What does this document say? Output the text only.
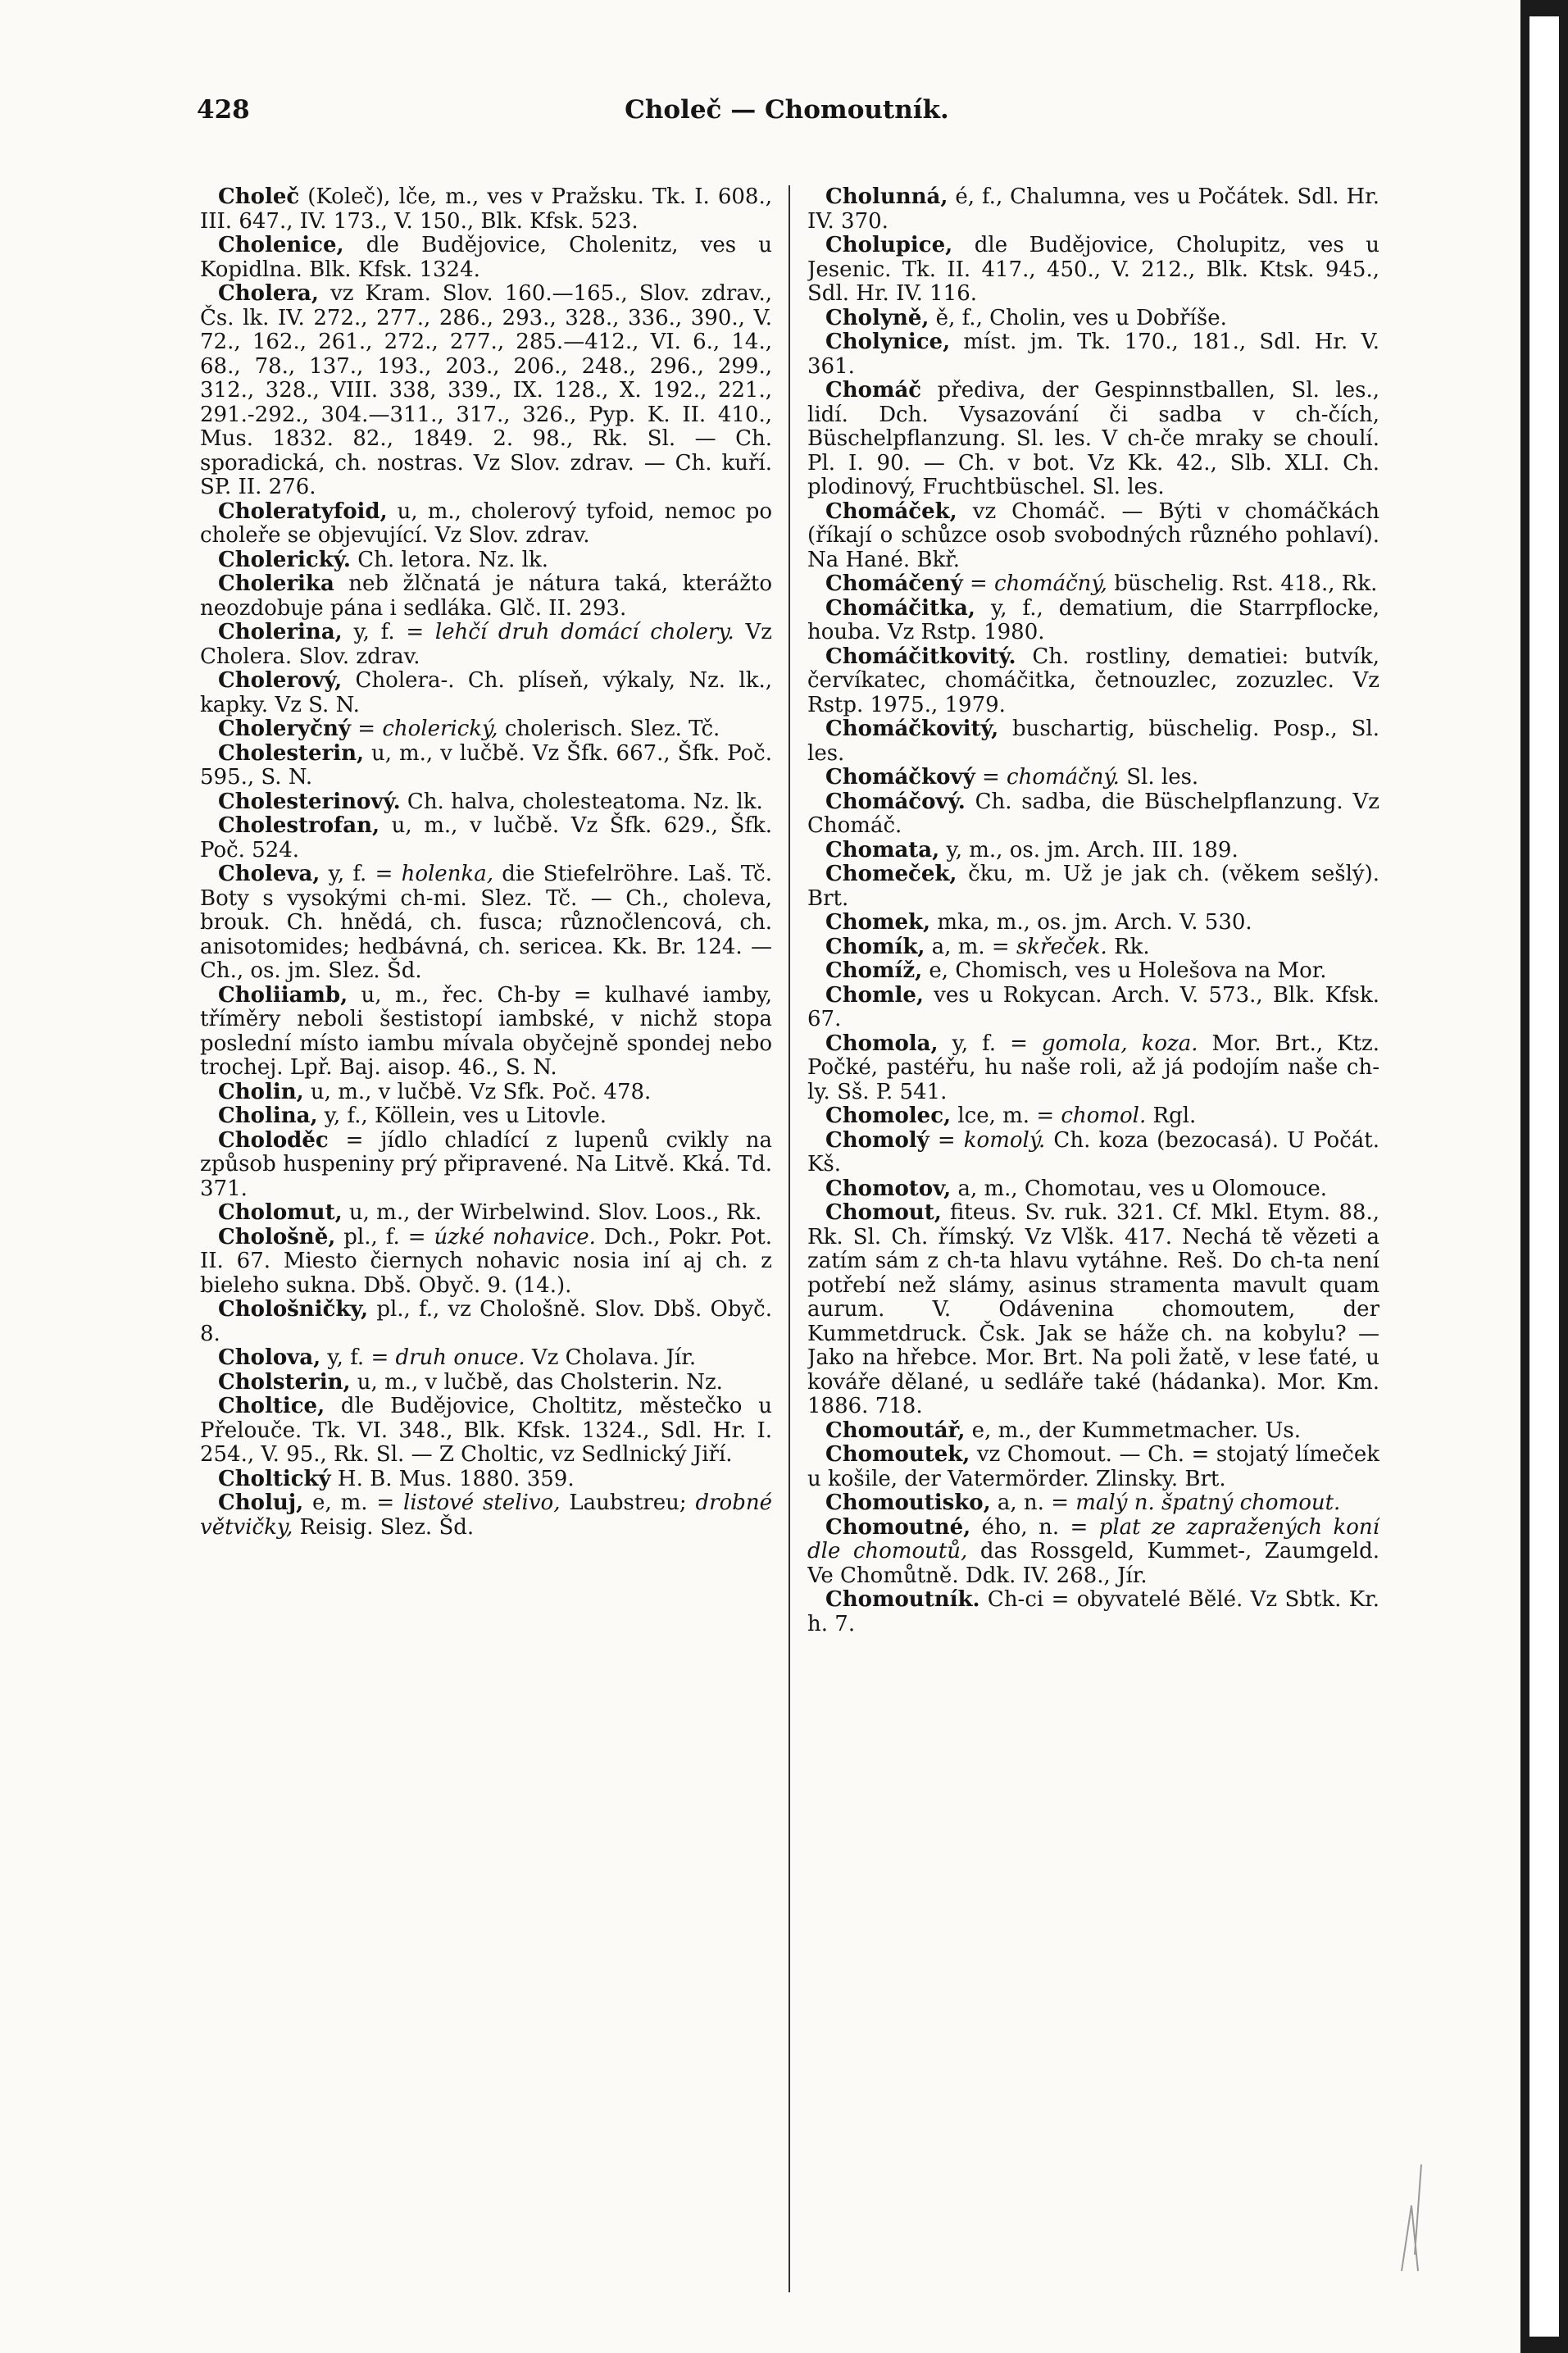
428	Choleč — Chomoutník.

Choleč (Koleč), lče, m., ves v Pražsku. Tk. I. 608., III. 647., IV. 173., V. 150., Blk. Kfsk. 523.

Cholenice, dle Budějovice, Cholenitz, ves u Kopidlna. Blk. Kfsk. 1324.

Cholera, vz Kram. Slov. 160.—165., Slov. zdrav., Čs. lk. IV. 272., 277., 286., 293., 328., 336., 390., V. 72., 162., 261., 272., 277., 285.—412., VI. 6., 14., 68., 78., 137., 193., 203., 206., 248., 296., 299., 312., 328., VIII. 338, 339., IX. 128., X. 192., 221., 291.-292., 304.—311., 317., 326., Pyp. K. II. 410., Mus. 1832. 82., 1849. 2. 98., Rk. Sl. — Ch. sporadická, ch. nostras. Vz Slov. zdrav. — Ch. kuří. SP. II. 276.

Choleratyfoid, u, m., cholerový tyfoid, nemoc po choleře se objevující. Vz Slov. zdrav.

Cholerický. Ch. letora. Nz. lk.

Cholerika neb žlčnatá je nátura taká, kterážto neozdobuje pána i sedláka. Glč. II. 293.

Cholerina, y, f. = lehčí druh domácí cholery. Vz Cholera. Slov. zdrav.

Cholerový, Cholera-. Ch. plíseň, výkaly, Nz. lk., kapky. Vz S. N.

Choleryčný = cholerický, cholerisch. Slez. Tč.

Cholesterin, u, m., v lučbě. Vz Šfk. 667., Šfk. Poč. 595., S. N.

Cholesterinový. Ch. halva, cholesteatoma. Nz. lk.

Cholestrofan, u, m., v lučbě. Vz Šfk. 629., Šfk. Poč. 524.

Choleva, y, f. = holenka, die Stiefelröhre. Laš. Tč. Boty s vysokými ch-mi. Slez. Tč. — Ch., choleva, brouk. Ch. hnědá, ch. fusca; různočlencová, ch. anisotomides; hedbávná, ch. sericea. Kk. Br. 124. — Ch., os. jm. Slez. Šd.

Choliiamb, u, m., řec. Ch-by = kulhavé iamby, tříměry neboli šestistopí iambské, v nichž stopa poslední místo iambu mívala obyčejně spondej nebo trochej. Lpř. Baj. aisop. 46., S. N.

Cholin, u, m., v lučbě. Vz Sfk. Poč. 478.

Cholina, y, f., Köllein, ves u Litovle.

Choloděc = jídlo chladící z lupenů cvikly na způsob huspeniny prý připravené. Na Litvě. Kká. Td. 371.

Cholomut, u, m., der Wirbelwind. Slov. Loos., Rk.

Chološně, pl., f. = úzké nohavice. Dch., Pokr. Pot. II. 67. Miesto čiernych nohavic nosia iní aj ch. z bieleho sukna. Dbš. Obyč. 9. (14.).

Chološničky, pl., f., vz Chološně. Slov. Dbš. Obyč. 8.

Cholova, y, f. = druh onuce. Vz Cholava. Jír.

Cholsterin, u, m., v lučbě, das Cholsterin. Nz.

Choltice, dle Budějovice, Choltitz, městečko u Přelouče. Tk. VI. 348., Blk. Kfsk. 1324., Sdl. Hr. I. 254., V. 95., Rk. Sl. — Z Choltic, vz Sedlnický Jiří.

Choltický H. B. Mus. 1880. 359.

Choluj, e, m. = listové stelivo, Laubstreu; drobné větvičky, Reisig. Slez. Šd.

Cholunná, é, f., Chalumna, ves u Počátek. Sdl. Hr. IV. 370.

Cholupice, dle Budějovice, Cholupitz, ves u Jesenic. Tk. II. 417., 450., V. 212., Blk. Ktsk. 945., Sdl. Hr. IV. 116.

Cholyně, ě, f., Cholin, ves u Dobříše.

Cholynice, míst. jm. Tk. 170., 181., Sdl. Hr. V. 361.

Chomáč předivа, der Gespinnstballen, Sl. les., lidí. Dch. Vysazování či sadba v ch-čích, Büschelpflanzung. Sl. les. V ch-če mraky se choulí. Pl. I. 90. — Ch. v bot. Vz Kk. 42., Slb. XLI. Ch. plodinový, Fruchtbüschel. Sl. les.

Chomáček, vz Chomáč. — Býti v chomáčkách (říkají o schůzce osob svobodných různého pohlaví). Na Hané. Bkř.

Chomáčený = chomáčný, büschelig. Rst. 418., Rk.

Chomáčitka, y, f., dematium, die Starrpflocke, houba. Vz Rstp. 1980.

Chomáčitkovitý. Ch. rostliny, dematiei: butvík, červíkatec, chomáčitka, četnouzlec, zozuzlec. Vz Rstp. 1975., 1979.

Chomáčkovitý, buschartig, büschelig. Posp., Sl. les.

Chomáčkový = chomáčný. Sl. les.

Chomáčový. Ch. sadba, die Büschelpflanzung. Vz Chomáč.

Chomata, y, m., os. jm. Arch. III. 189.

Chomeček, čku, m. Už je jak ch. (věkem sešlý). Brt.

Chomek, mka, m., os. jm. Arch. V. 530.

Chomík, a, m. = skřeček. Rk.

Chomíž, e, Chomisch, ves u Holešova na Mor.

Chomle, ves u Rokycan. Arch. V. 573., Blk. Kfsk. 67.

Chomola, y, f. = gomola, koza. Mor. Brt., Ktz. Počké, pastéřu, hu naše roli, až já podojím naše ch-ly. Sš. P. 541.

Chomolec, lce, m. = chomol. Rgl.

Chomolý = komolý. Ch. koza (bezocasá). U Počát. Kš.

Chomotov, a, m., Chomotau, ves u Olomouce.

Chomout, fiteus. Sv. ruk. 321. Cf. Mkl. Etym. 88., Rk. Sl. Ch. římský. Vz Vlšk. 417. Nechá tě vězeti a zatím sám z ch-ta hlavu vytáhne. Reš. Do ch-ta není potřebí než slámy, asinus stramenta mavult quam aurum. V. Odávenina chomoutem, der Kummetdruck. Čsk. Jak se háže ch. na kobylu? — Jako na hřebce. Mor. Brt. Na poli žatě, v lese ťaté, u kováře dělané, u sedláře také (hádanka). Mor. Km. 1886. 718.

Chomoutář, e, m., der Kummetmacher. Us.

Chomoutek, vz Chomout. — Ch. = stojatý límeček u košile, der Vatermörder. Zlinsky. Brt.

Chomoutisko, a, n. = malý n. špatný chomout.

Chomoutné, ého, n. = plat ze zapražených koní dle chomoutů, das Rossgeld, Kummet-, Zaumgeld. Ve Chomůtně. Ddk. IV. 268., Jír.

Chomoutník. Ch-ci = obyvatelé Bělé. Vz Sbtk. Kr. h. 7.
